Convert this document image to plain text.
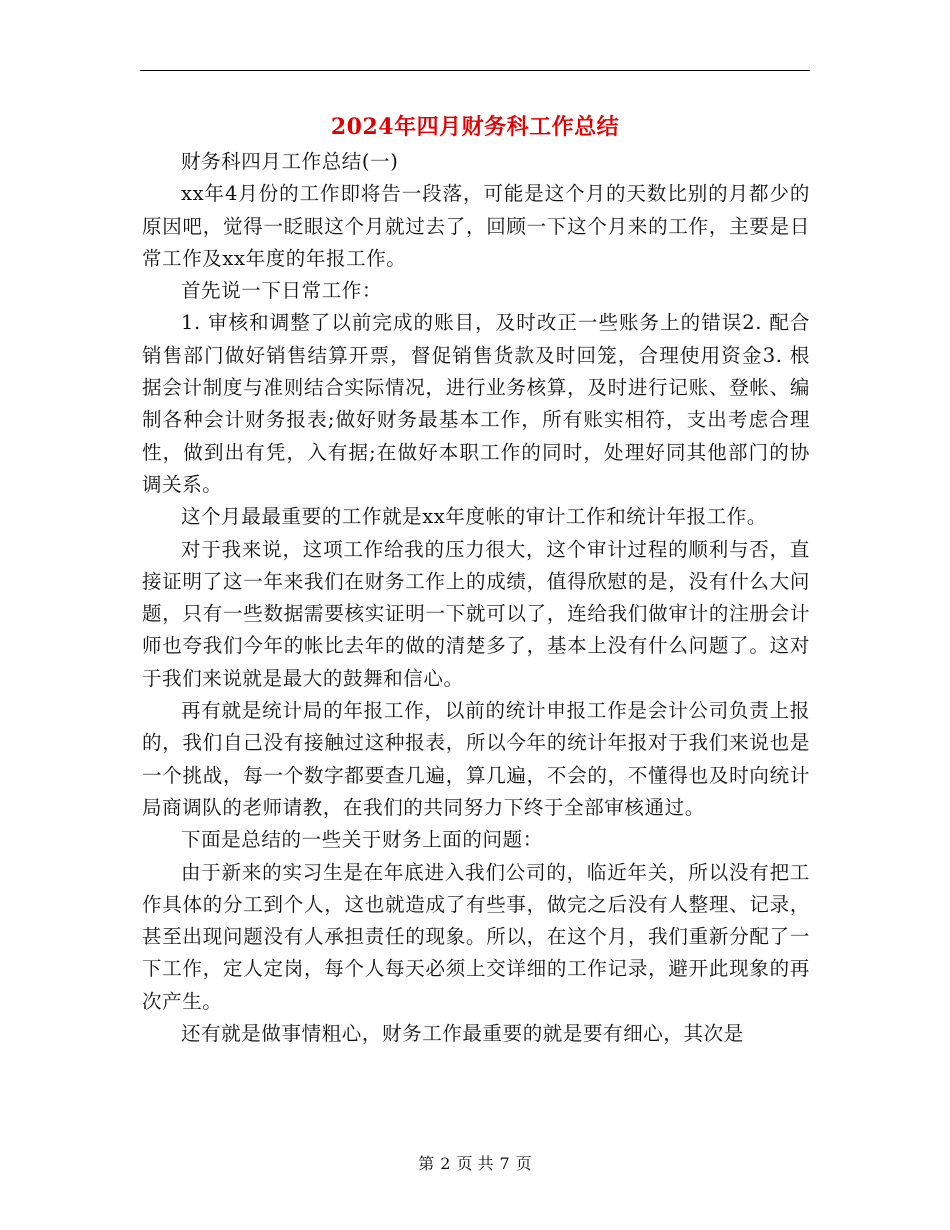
2024年四月财务科工作总结

财务科四月工作总结(一)

xx年4月份的工作即将告一段落，可能是这个月的天数比别的月都少的原因吧，觉得一眨眼这个月就过去了，回顾一下这个月来的工作，主要是日常工作及xx年度的年报工作。

首先说一下日常工作：

1. 审核和调整了以前完成的账目，及时改正一些账务上的错误2. 配合销售部门做好销售结算开票，督促销售货款及时回笼，合理使用资金3. 根据会计制度与准则结合实际情况，进行业务核算，及时进行记账、登帐、编制各种会计财务报表;做好财务最基本工作，所有账实相符，支出考虑合理性，做到出有凭，入有据;在做好本职工作的同时，处理好同其他部门的协调关系。

这个月最最重要的工作就是xx年度帐的审计工作和统计年报工作。

对于我来说，这项工作给我的压力很大，这个审计过程的顺利与否，直接证明了这一年来我们在财务工作上的成绩，值得欣慰的是，没有什么大问题，只有一些数据需要核实证明一下就可以了，连给我们做审计的注册会计师也夸我们今年的帐比去年的做的清楚多了，基本上没有什么问题了。这对于我们来说就是最大的鼓舞和信心。

再有就是统计局的年报工作，以前的统计申报工作是会计公司负责上报的，我们自己没有接触过这种报表，所以今年的统计年报对于我们来说也是一个挑战，每一个数字都要查几遍，算几遍，不会的，不懂得也及时向统计局商调队的老师请教，在我们的共同努力下终于全部审核通过。

下面是总结的一些关于财务上面的问题：

由于新来的实习生是在年底进入我们公司的，临近年关，所以没有把工作具体的分工到个人，这也就造成了有些事，做完之后没有人整理、记录，甚至出现问题没有人承担责任的现象。所以，在这个月，我们重新分配了一下工作，定人定岗，每个人每天必须上交详细的工作记录，避开此现象的再次产生。

还有就是做事情粗心，财务工作最重要的就是要有细心，其次是

第 2 页 共 7 页
